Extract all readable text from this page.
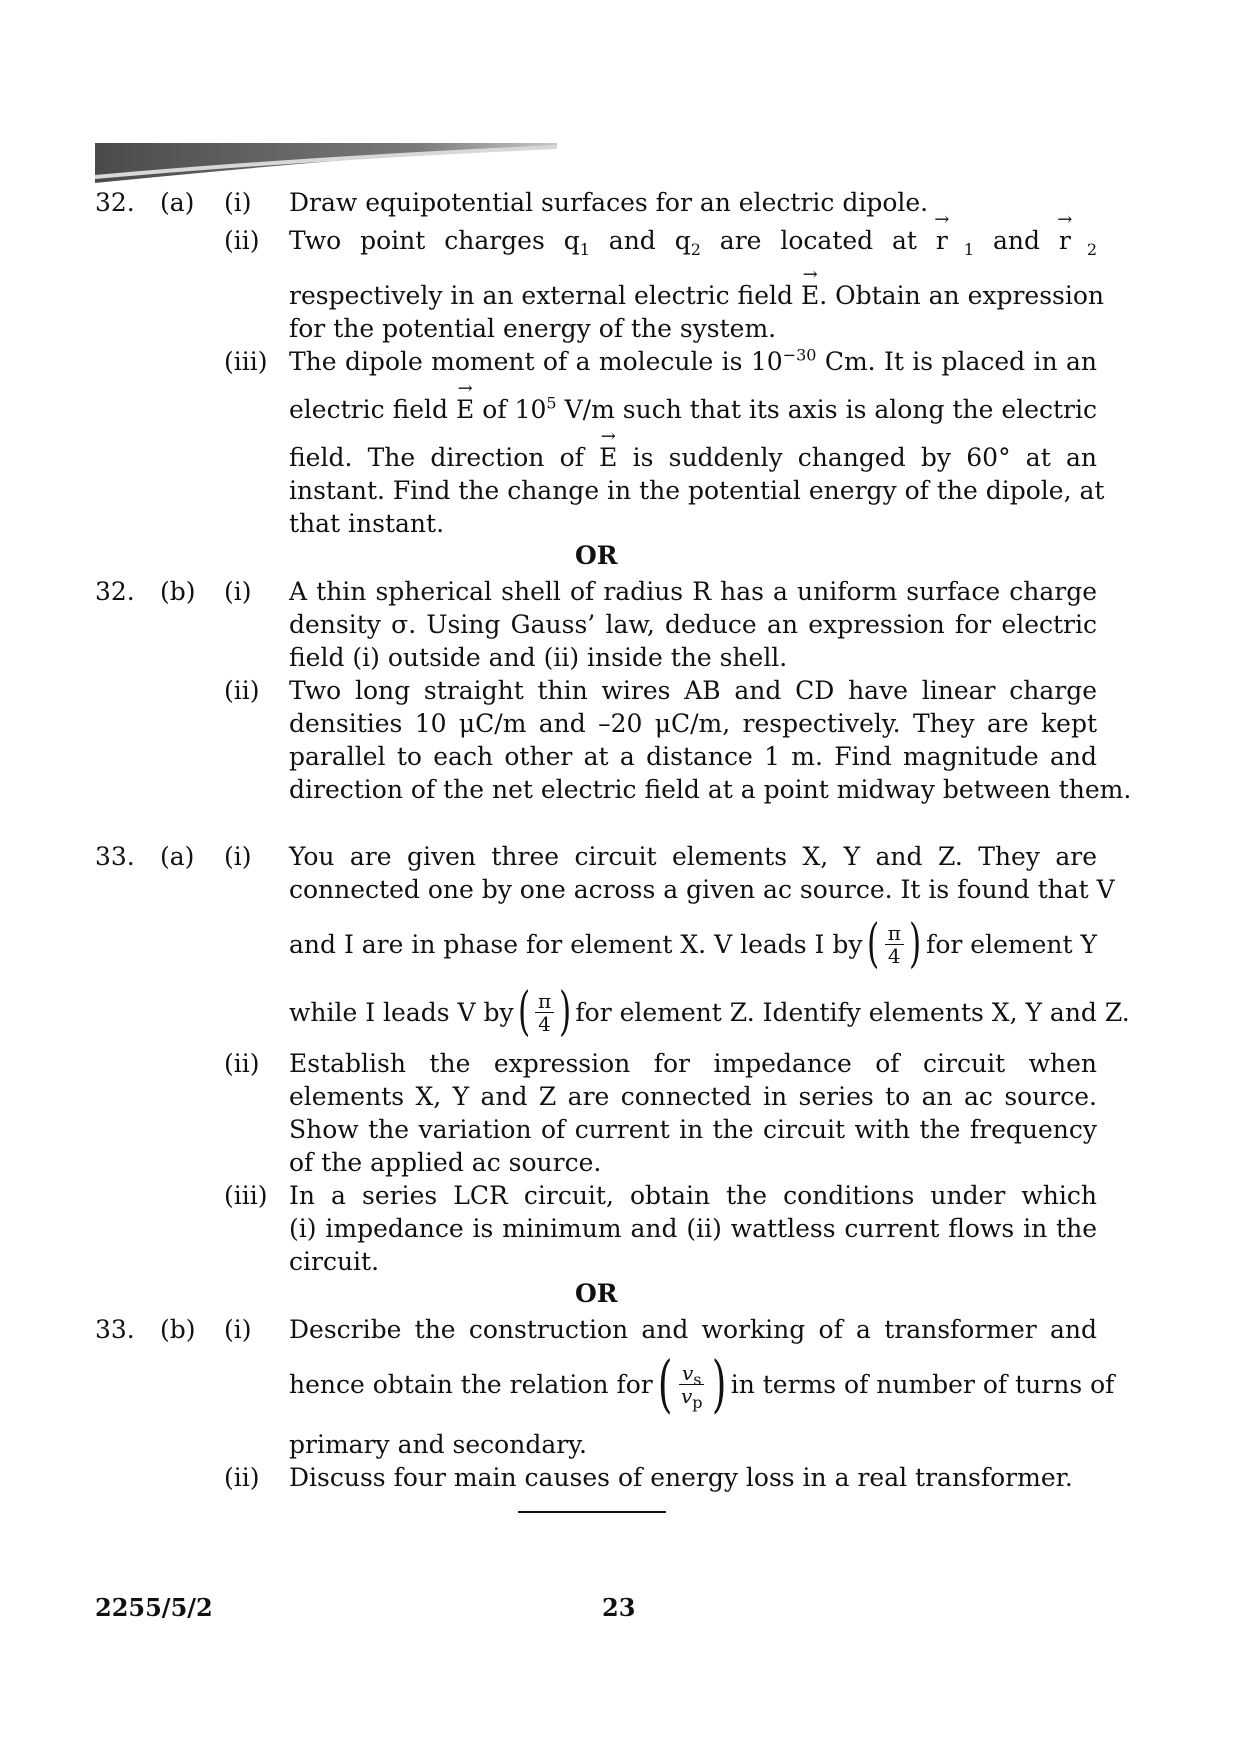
32. (a) (i) Draw equipotential surfaces for an electric dipole.
(ii) Two point charges $q_1$ and $q_2$ are located at → r $_1$ and → r $_2$
respectively in an external electric field → E. Obtain an expression
for the potential energy of the system.
(iii) The dipole moment of a molecule is $10^{-30}$ Cm. It is placed in an
electric field → E of $10^5$ V/m such that its axis is along the electric
field. The direction of → E is suddenly changed by 60° at an
instant. Find the change in the potential energy of the dipole, at
that instant.
OR
32. (b) (i) A thin spherical shell of radius R has a uniform surface charge
density σ. Using Gauss’ law, deduce an expression for electric
field (i) outside and (ii) inside the shell.
(ii) Two long straight thin wires AB and CD have linear charge
densities 10 μC/m and –20 μC/m, respectively. They are kept
parallel to each other at a distance 1 m. Find magnitude and
direction of the net electric field at a point midway between them.
33. (a) (i) You are given three circuit elements X, Y and Z. They are
connected one by one across a given ac source. It is found that V
and I are in phase for element X. V leads I by ( $\frac{\pi}{4}$ ) for element Y
while I leads V by ( $\frac{\pi}{4}$ ) for element Z. Identify elements X, Y and Z.
(ii) Establish the expression for impedance of circuit when
elements X, Y and Z are connected in series to an ac source.
Show the variation of current in the circuit with the frequency
of the applied ac source.
(iii) In a series LCR circuit, obtain the conditions under which
(i) impedance is minimum and (ii) wattless current flows in the
circuit.
OR
33. (b) (i) Describe the construction and working of a transformer and
hence obtain the relation for ( $\frac{v_s}{v_p}$ ) in terms of number of turns of
primary and secondary.
(ii) Discuss four main causes of energy loss in a real transformer.
2255/5/2	23
